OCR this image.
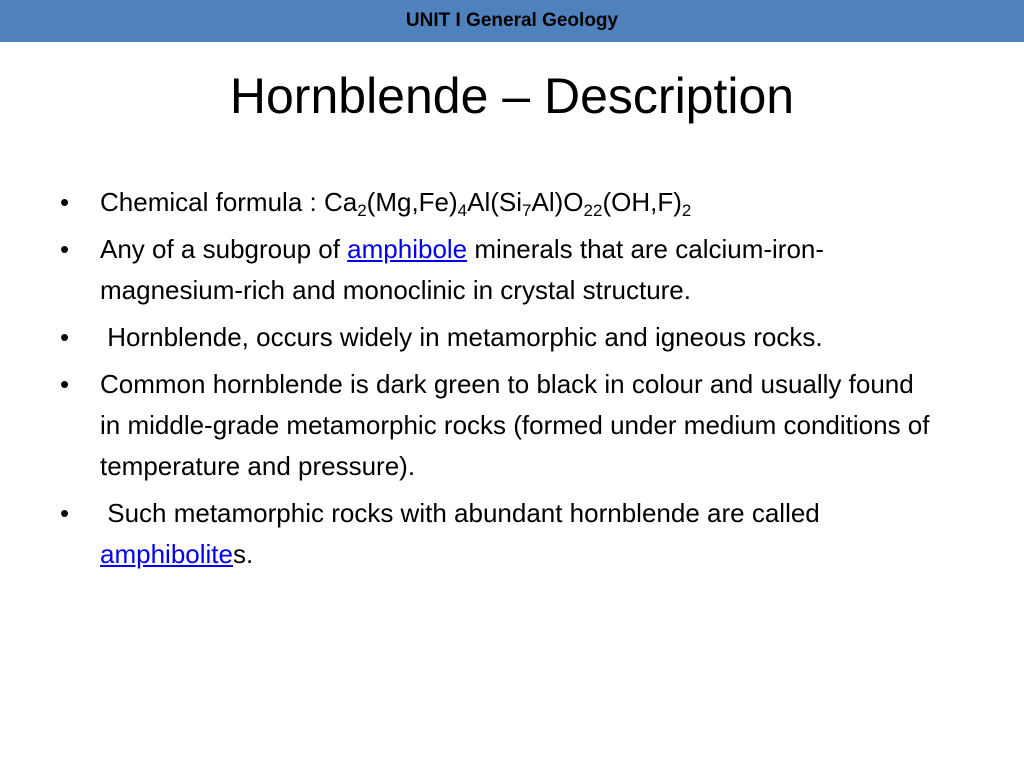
UNIT I General Geology
Hornblende – Description
•	Chemical formula : $Ca_2(Mg,Fe)_4Al(Si_7Al)O_{22}(OH,F)_2$
•	Any of a subgroup of amphibole minerals that are calcium-iron-magnesium-rich and monoclinic in crystal structure.
•	Hornblende, occurs widely in metamorphic and igneous rocks.
•	Common hornblende is dark green to black in colour and usually found in middle-grade metamorphic rocks (formed under medium conditions of temperature and pressure).
•	Such metamorphic rocks with abundant hornblende are called amphibolites.
